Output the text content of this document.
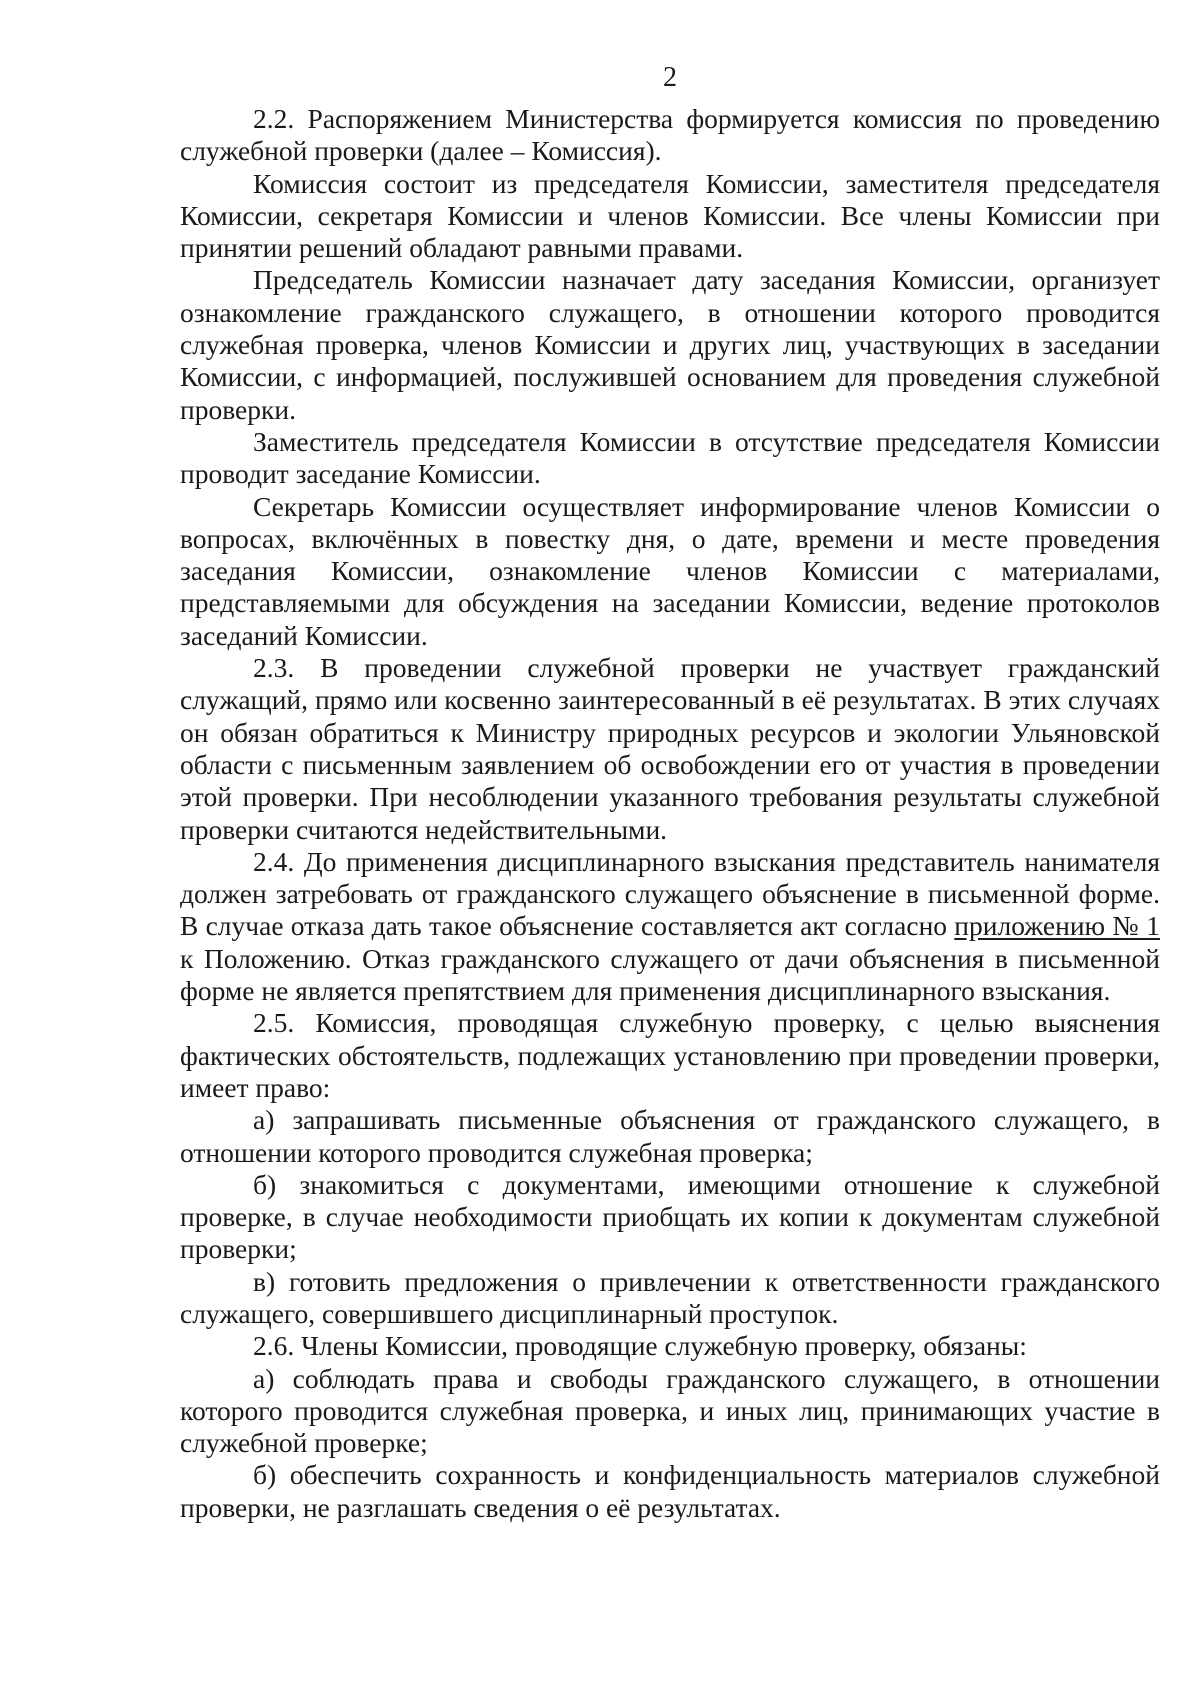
2

2.2. Распоряжением Министерства формируется комиссия по проведению служебной проверки (далее – Комиссия).

Комиссия состоит из председателя Комиссии, заместителя председателя Комиссии, секретаря Комиссии и членов Комиссии. Все члены Комиссии при принятии решений обладают равными правами.

Председатель Комиссии назначает дату заседания Комиссии, организует ознакомление гражданского служащего, в отношении которого проводится служебная проверка, членов Комиссии и других лиц, участвующих в заседании Комиссии, с информацией, послужившей основанием для проведения служебной проверки.

Заместитель председателя Комиссии в отсутствие председателя Комиссии проводит заседание Комиссии.

Секретарь Комиссии осуществляет информирование членов Комиссии о вопросах, включённых в повестку дня, о дате, времени и месте проведения заседания Комиссии, ознакомление членов Комиссии с материалами, представляемыми для обсуждения на заседании Комиссии, ведение протоколов заседаний Комиссии.

2.3. В проведении служебной проверки не участвует гражданский служащий, прямо или косвенно заинтересованный в её результатах. В этих случаях он обязан обратиться к Министру природных ресурсов и экологии Ульяновской области с письменным заявлением об освобождении его от участия в проведении этой проверки. При несоблюдении указанного требования результаты служебной проверки считаются недействительными.

2.4. До применения дисциплинарного взыскания представитель нанимателя должен затребовать от гражданского служащего объяснение в письменной форме. В случае отказа дать такое объяснение составляется акт согласно приложению № 1 к Положению. Отказ гражданского служащего от дачи объяснения в письменной форме не является препятствием для применения дисциплинарного взыскания.

2.5. Комиссия, проводящая служебную проверку, с целью выяснения фактических обстоятельств, подлежащих установлению при проведении проверки, имеет право:

а) запрашивать письменные объяснения от гражданского служащего, в отношении которого проводится служебная проверка;

б) знакомиться с документами, имеющими отношение к служебной проверке, в случае необходимости приобщать их копии к документам служебной проверки;

в) готовить предложения о привлечении к ответственности гражданского служащего, совершившего дисциплинарный проступок.

2.6. Члены Комиссии, проводящие служебную проверку, обязаны:

а) соблюдать права и свободы гражданского служащего, в отношении которого проводится служебная проверка, и иных лиц, принимающих участие в служебной проверке;

б) обеспечить сохранность и конфиденциальность материалов служебной проверки, не разглашать сведения о её результатах.
